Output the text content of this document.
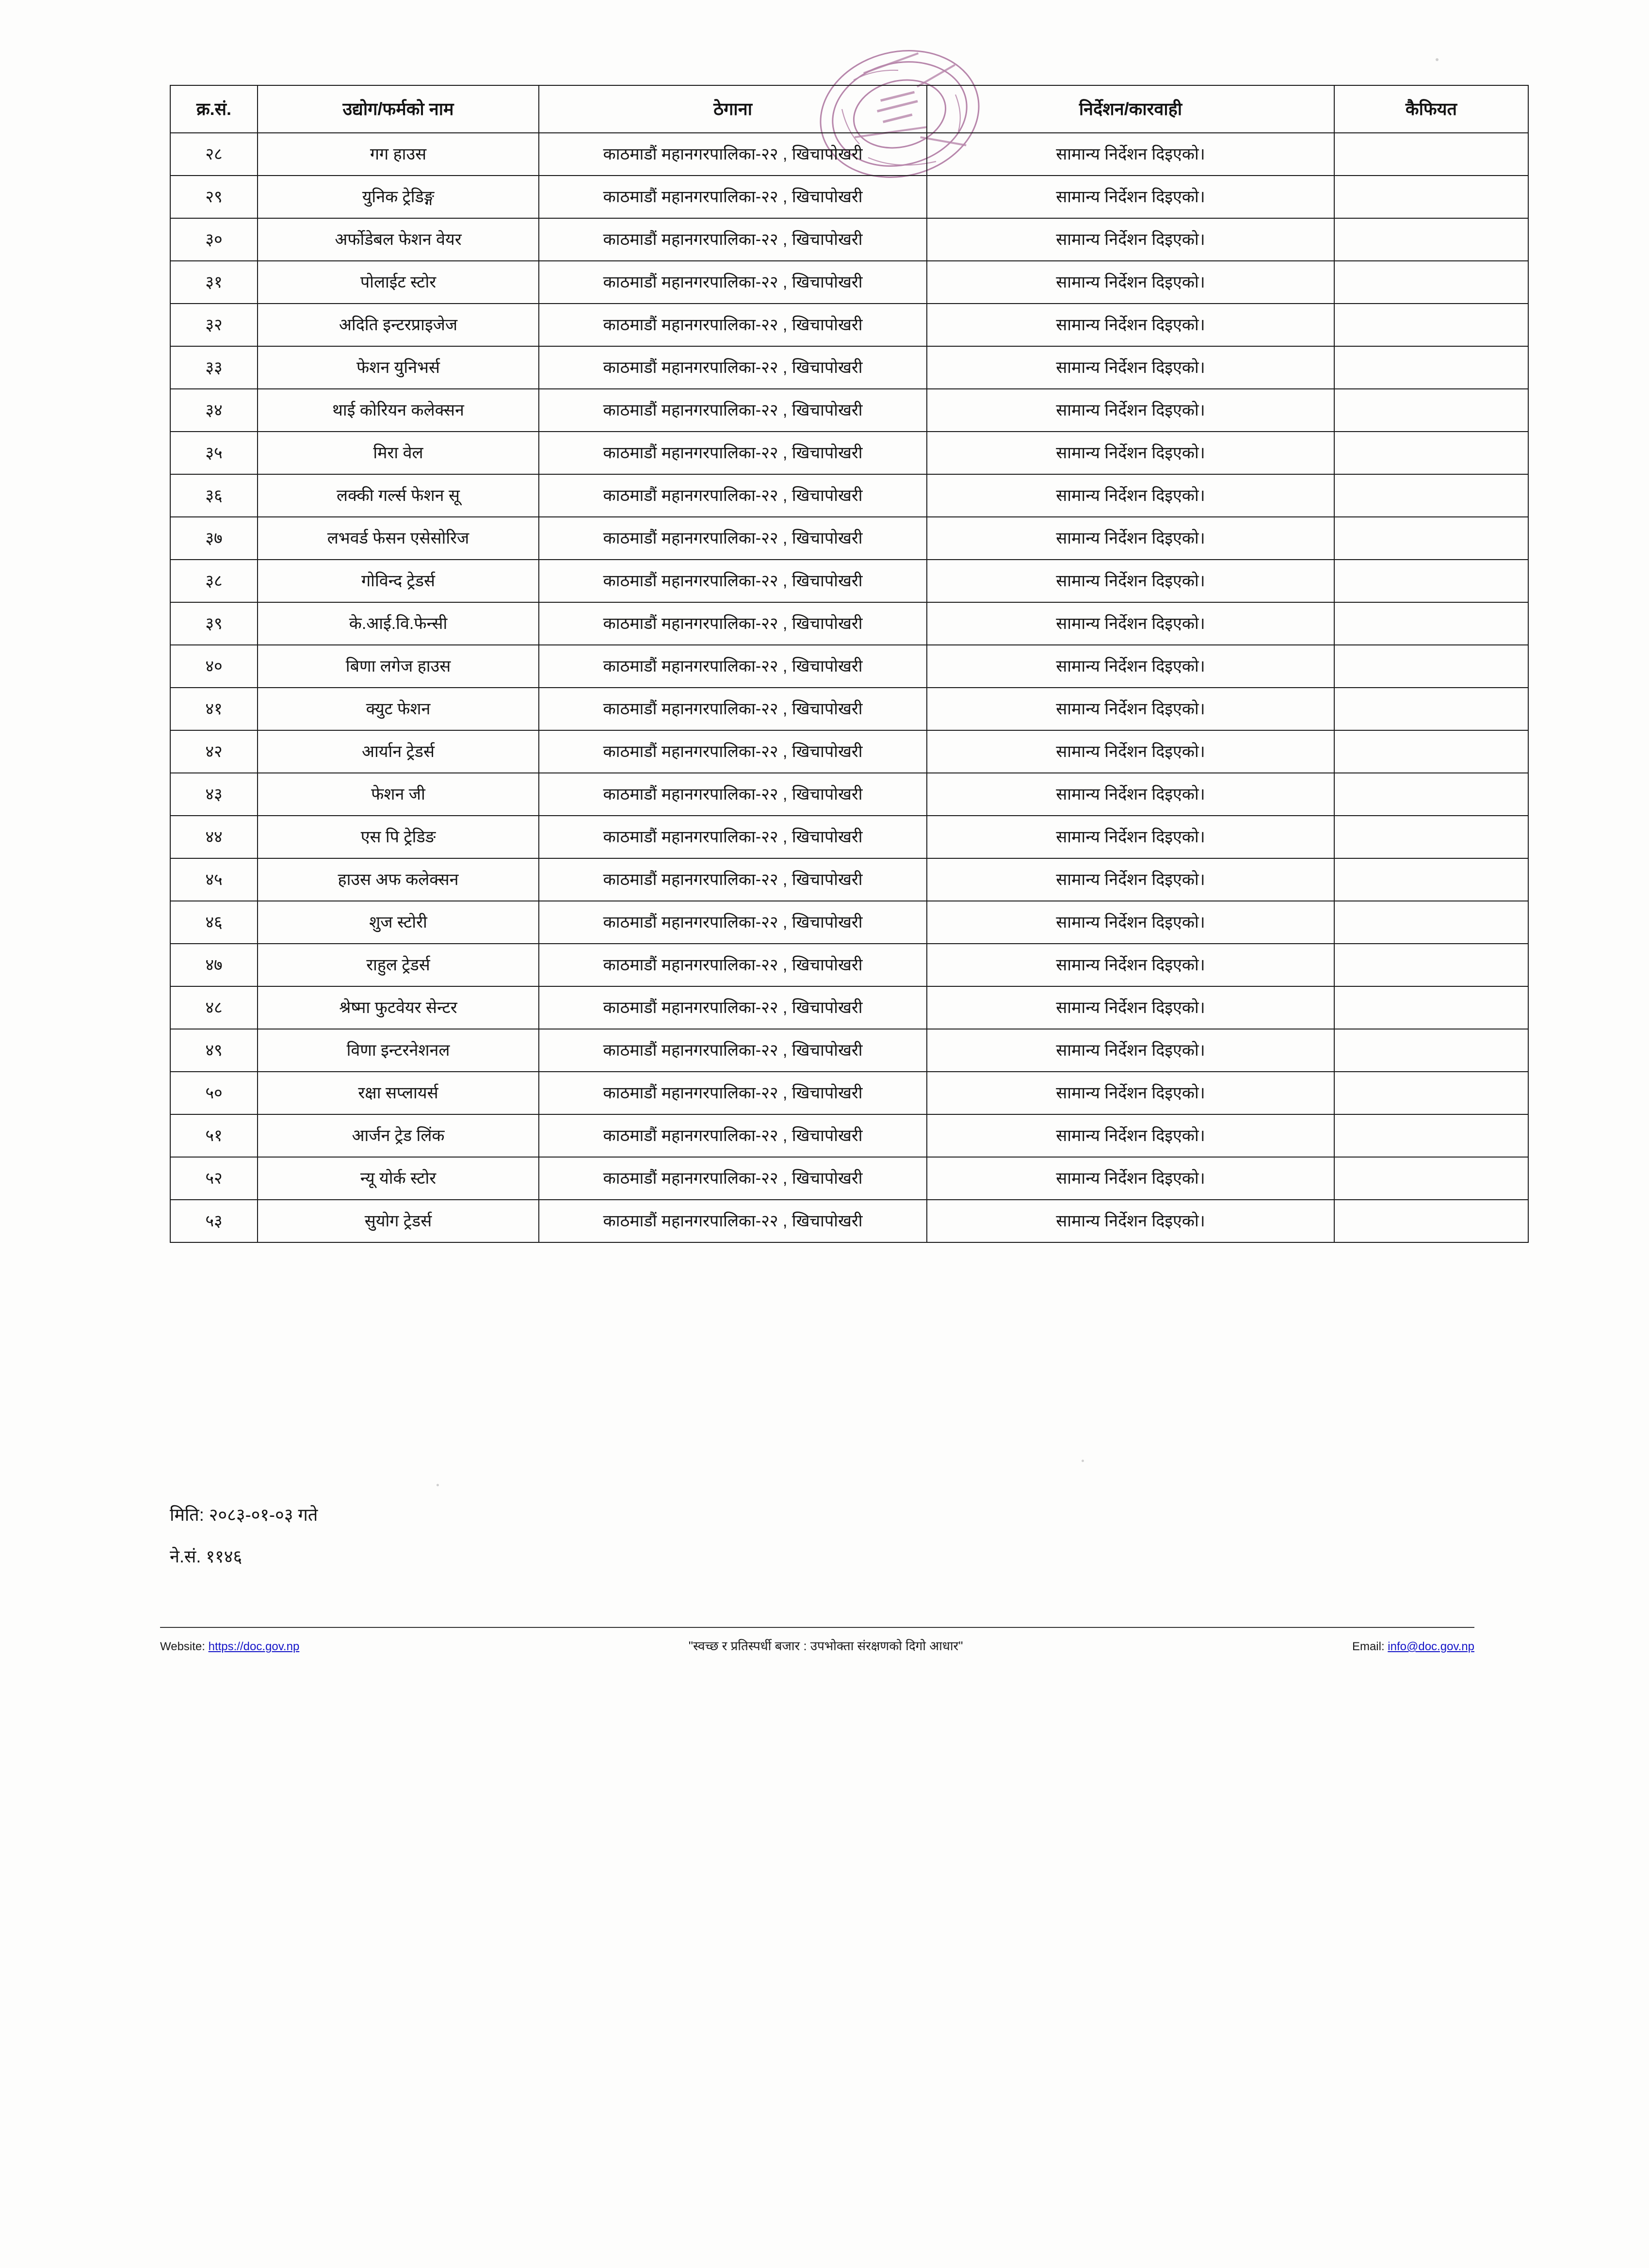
क्र.सं.	उद्योग/फर्मको नाम	ठेगाना	निर्देशन/कारवाही	कैफियत
२८	गग हाउस	काठमाडौं महानगरपालिका-२२ , खिचापोखरी	सामान्य निर्देशन दिइएको।	
२९	युनिक ट्रेडिङ्ग	काठमाडौं महानगरपालिका-२२ , खिचापोखरी	सामान्य निर्देशन दिइएको।	
३०	अर्फोडेबल फेशन वेयर	काठमाडौं महानगरपालिका-२२ , खिचापोखरी	सामान्य निर्देशन दिइएको।	
३१	पोलाईट स्टोर	काठमाडौं महानगरपालिका-२२ , खिचापोखरी	सामान्य निर्देशन दिइएको।	
३२	अदिति इन्टरप्राइजेज	काठमाडौं महानगरपालिका-२२ , खिचापोखरी	सामान्य निर्देशन दिइएको।	
३३	फेशन युनिभर्स	काठमाडौं महानगरपालिका-२२ , खिचापोखरी	सामान्य निर्देशन दिइएको।	
३४	थाई कोरियन कलेक्सन	काठमाडौं महानगरपालिका-२२ , खिचापोखरी	सामान्य निर्देशन दिइएको।	
३५	मिरा वेल	काठमाडौं महानगरपालिका-२२ , खिचापोखरी	सामान्य निर्देशन दिइएको।	
३६	लक्की गर्ल्स फेशन सू	काठमाडौं महानगरपालिका-२२ , खिचापोखरी	सामान्य निर्देशन दिइएको।	
३७	लभवर्ड फेसन एसेसोरिज	काठमाडौं महानगरपालिका-२२ , खिचापोखरी	सामान्य निर्देशन दिइएको।	
३८	गोविन्द ट्रेडर्स	काठमाडौं महानगरपालिका-२२ , खिचापोखरी	सामान्य निर्देशन दिइएको।	
३९	के.आई.वि.फेन्सी	काठमाडौं महानगरपालिका-२२ , खिचापोखरी	सामान्य निर्देशन दिइएको।	
४०	बिणा लगेज हाउस	काठमाडौं महानगरपालिका-२२ , खिचापोखरी	सामान्य निर्देशन दिइएको।	
४१	क्युट फेशन	काठमाडौं महानगरपालिका-२२ , खिचापोखरी	सामान्य निर्देशन दिइएको।	
४२	आर्यान ट्रेडर्स	काठमाडौं महानगरपालिका-२२ , खिचापोखरी	सामान्य निर्देशन दिइएको।	
४३	फेशन जी	काठमाडौं महानगरपालिका-२२ , खिचापोखरी	सामान्य निर्देशन दिइएको।	
४४	एस पि ट्रेडिङ	काठमाडौं महानगरपालिका-२२ , खिचापोखरी	सामान्य निर्देशन दिइएको।	
४५	हाउस अफ कलेक्सन	काठमाडौं महानगरपालिका-२२ , खिचापोखरी	सामान्य निर्देशन दिइएको।	
४६	शुज स्टोरी	काठमाडौं महानगरपालिका-२२ , खिचापोखरी	सामान्य निर्देशन दिइएको।	
४७	राहुल ट्रेडर्स	काठमाडौं महानगरपालिका-२२ , खिचापोखरी	सामान्य निर्देशन दिइएको।	
४८	श्रेष्मा फुटवेयर सेन्टर	काठमाडौं महानगरपालिका-२२ , खिचापोखरी	सामान्य निर्देशन दिइएको।	
४९	विणा इन्टरनेशनल	काठमाडौं महानगरपालिका-२२ , खिचापोखरी	सामान्य निर्देशन दिइएको।	
५०	रक्षा सप्लायर्स	काठमाडौं महानगरपालिका-२२ , खिचापोखरी	सामान्य निर्देशन दिइएको।	
५१	आर्जन ट्रेड लिंक	काठमाडौं महानगरपालिका-२२ , खिचापोखरी	सामान्य निर्देशन दिइएको।	
५२	न्यू योर्क स्टोर	काठमाडौं महानगरपालिका-२२ , खिचापोखरी	सामान्य निर्देशन दिइएको।	
५३	सुयोग ट्रेडर्स	काठमाडौं महानगरपालिका-२२ , खिचापोखरी	सामान्य निर्देशन दिइएको।	
मिति: २०८३-०१-०३ गते
ने.सं. ११४६
Website: https://doc.gov.np	"स्वच्छ र प्रतिस्पर्धी बजार : उपभोक्ता संरक्षणको दिगो आधार"	Email: info@doc.gov.np
